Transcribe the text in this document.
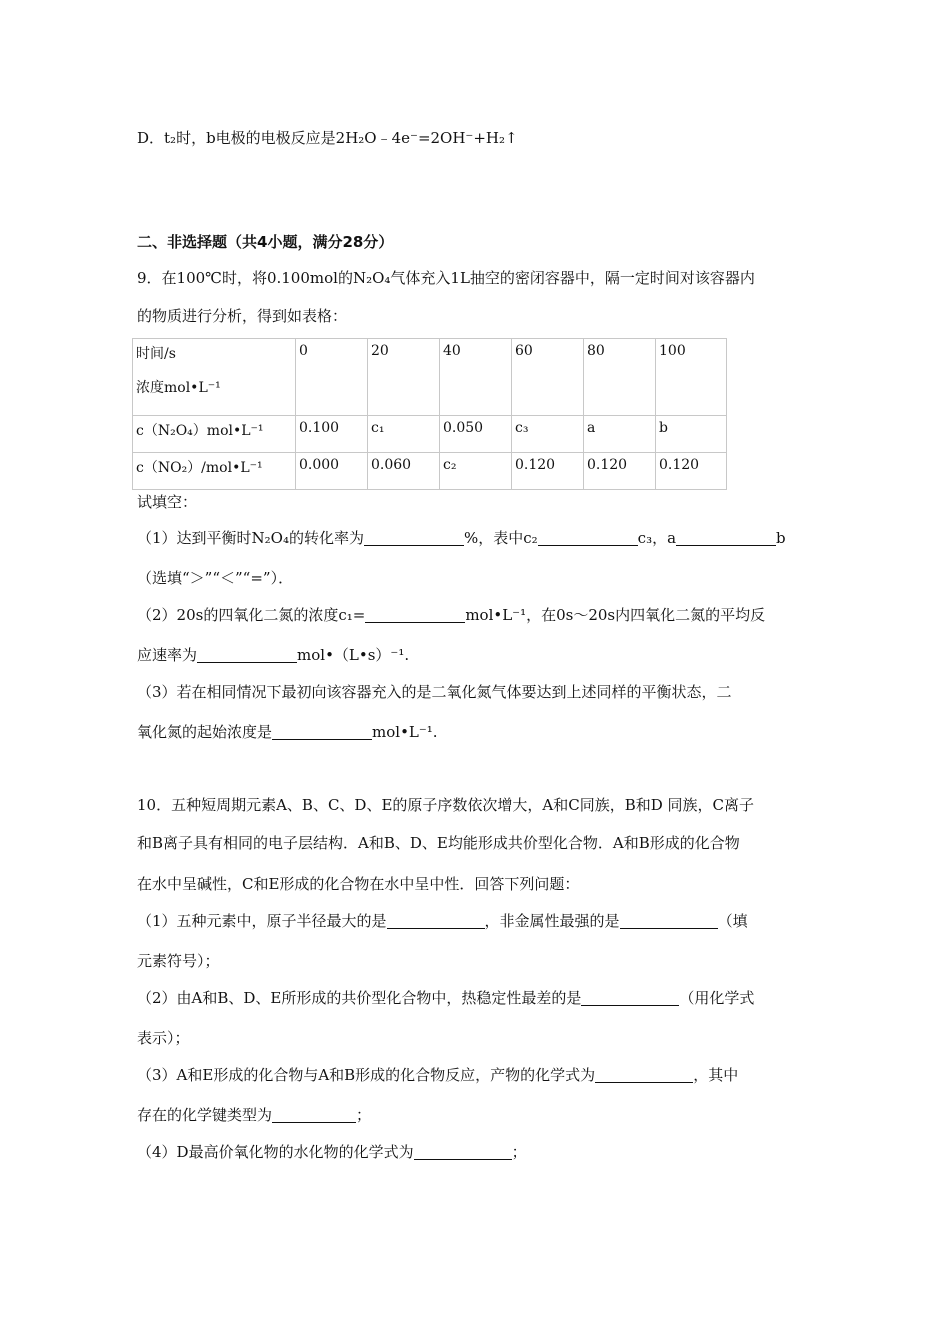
D．t₂时，b电极的电极反应是2H₂O﹣4e⁻=2OH⁻+H₂↑
二、非选择题（共4小题，满分28分）
9．在100℃时，将0.100mol的N₂O₄气体充入1L抽空的密闭容器中，隔一定时间对该容器内
的物质进行分析，得到如表格：
时间/s
浓度mol•L⁻¹	0	20	40	60	80	100
c（N₂O₄）mol•L⁻¹	0.100	c₁	0.050	c₃	a	b
c（NO₂）/mol•L⁻¹	0.000	0.060	c₂	0.120	0.120	0.120
试填空：
（1）达到平衡时N₂O₄的转化率为	%，表中c₂	c₃，a	b
（选填“＞”“＜”“=”）．
（2）20s的四氧化二氮的浓度c₁=	mol•L⁻¹，在0s～20s内四氧化二氮的平均反
应速率为	mol•（L•s）⁻¹.
（3）若在相同情况下最初向该容器充入的是二氧化氮气体要达到上述同样的平衡状态，二
氧化氮的起始浓度是	mol•L⁻¹.
10．五种短周期元素A、B、C、D、E的原子序数依次增大，A和C同族，B和D 同族，C离子
和B离子具有相同的电子层结构．A和B、D、E均能形成共价型化合物．A和B形成的化合物
在水中呈碱性，C和E形成的化合物在水中呈中性．回答下列问题：
（1）五种元素中，原子半径最大的是	，非金属性最强的是	（填
元素符号）；
（2）由A和B、D、E所形成的共价型化合物中，热稳定性最差的是	（用化学式
表示）；
（3）A和E形成的化合物与A和B形成的化合物反应，产物的化学式为	，其中
存在的化学键类型为	；
（4）D最高价氧化物的水化物的化学式为	；
